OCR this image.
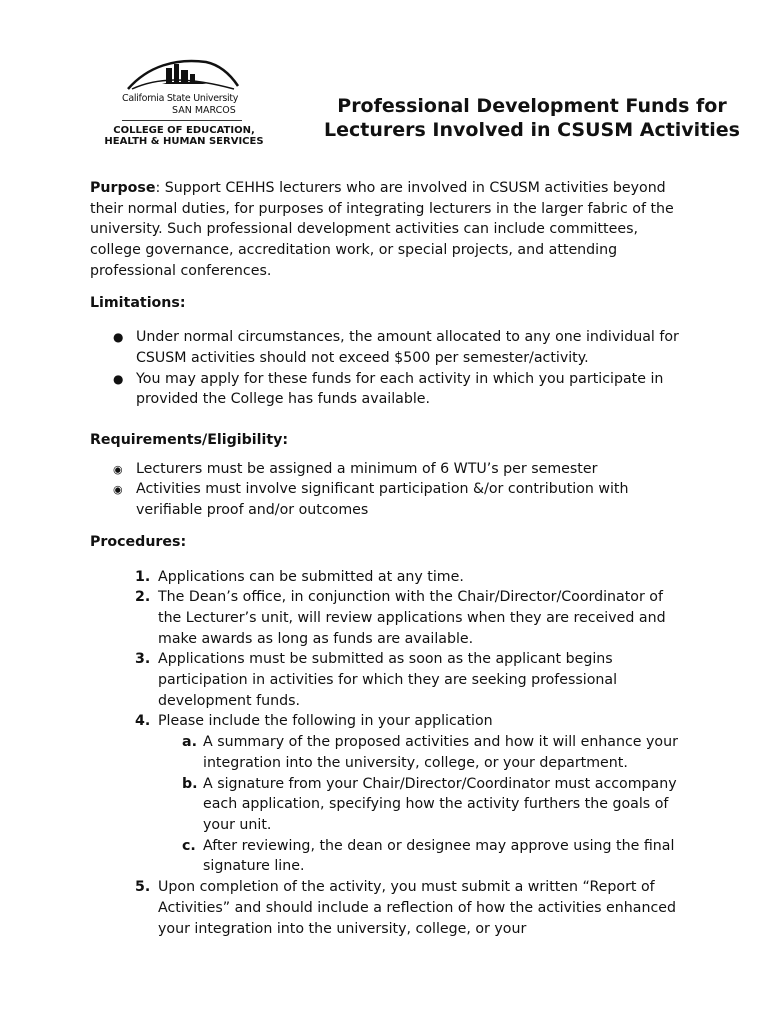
California State University
SAN MARCOS
COLLEGE OF EDUCATION,
HEALTH & HUMAN SERVICES
Professional Development Funds for Lecturers Involved in CSUSM Activities

Purpose: Support CEHHS lecturers who are involved in CSUSM activities beyond their normal duties, for purposes of integrating lecturers in the larger fabric of the university. Such professional development activities can include committees, college governance, accreditation work, or special projects, and attending professional conferences.

Limitations:

● Under normal circumstances, the amount allocated to any one individual for CSUSM activities should not exceed $500 per semester/activity.
● You may apply for these funds for each activity in which you participate in provided the College has funds available.

Requirements/Eligibility:

◉ Lecturers must be assigned a minimum of 6 WTU’s per semester
◉ Activities must involve significant participation &/or contribution with verifiable proof and/or outcomes

Procedures:

1. Applications can be submitted at any time.
2. The Dean’s office, in conjunction with the Chair/Director/Coordinator of the Lecturer’s unit, will review applications when they are received and make awards as long as funds are available.
3. Applications must be submitted as soon as the applicant begins participation in activities for which they are seeking professional development funds.
4. Please include the following in your application
a. A summary of the proposed activities and how it will enhance your integration into the university, college, or your department.
b. A signature from your Chair/Director/Coordinator must accompany each application, specifying how the activity furthers the goals of your unit.
c. After reviewing, the dean or designee may approve using the final signature line.
5. Upon completion of the activity, you must submit a written “Report of Activities” and should include a reflection of how the activities enhanced your integration into the university, college, or your
